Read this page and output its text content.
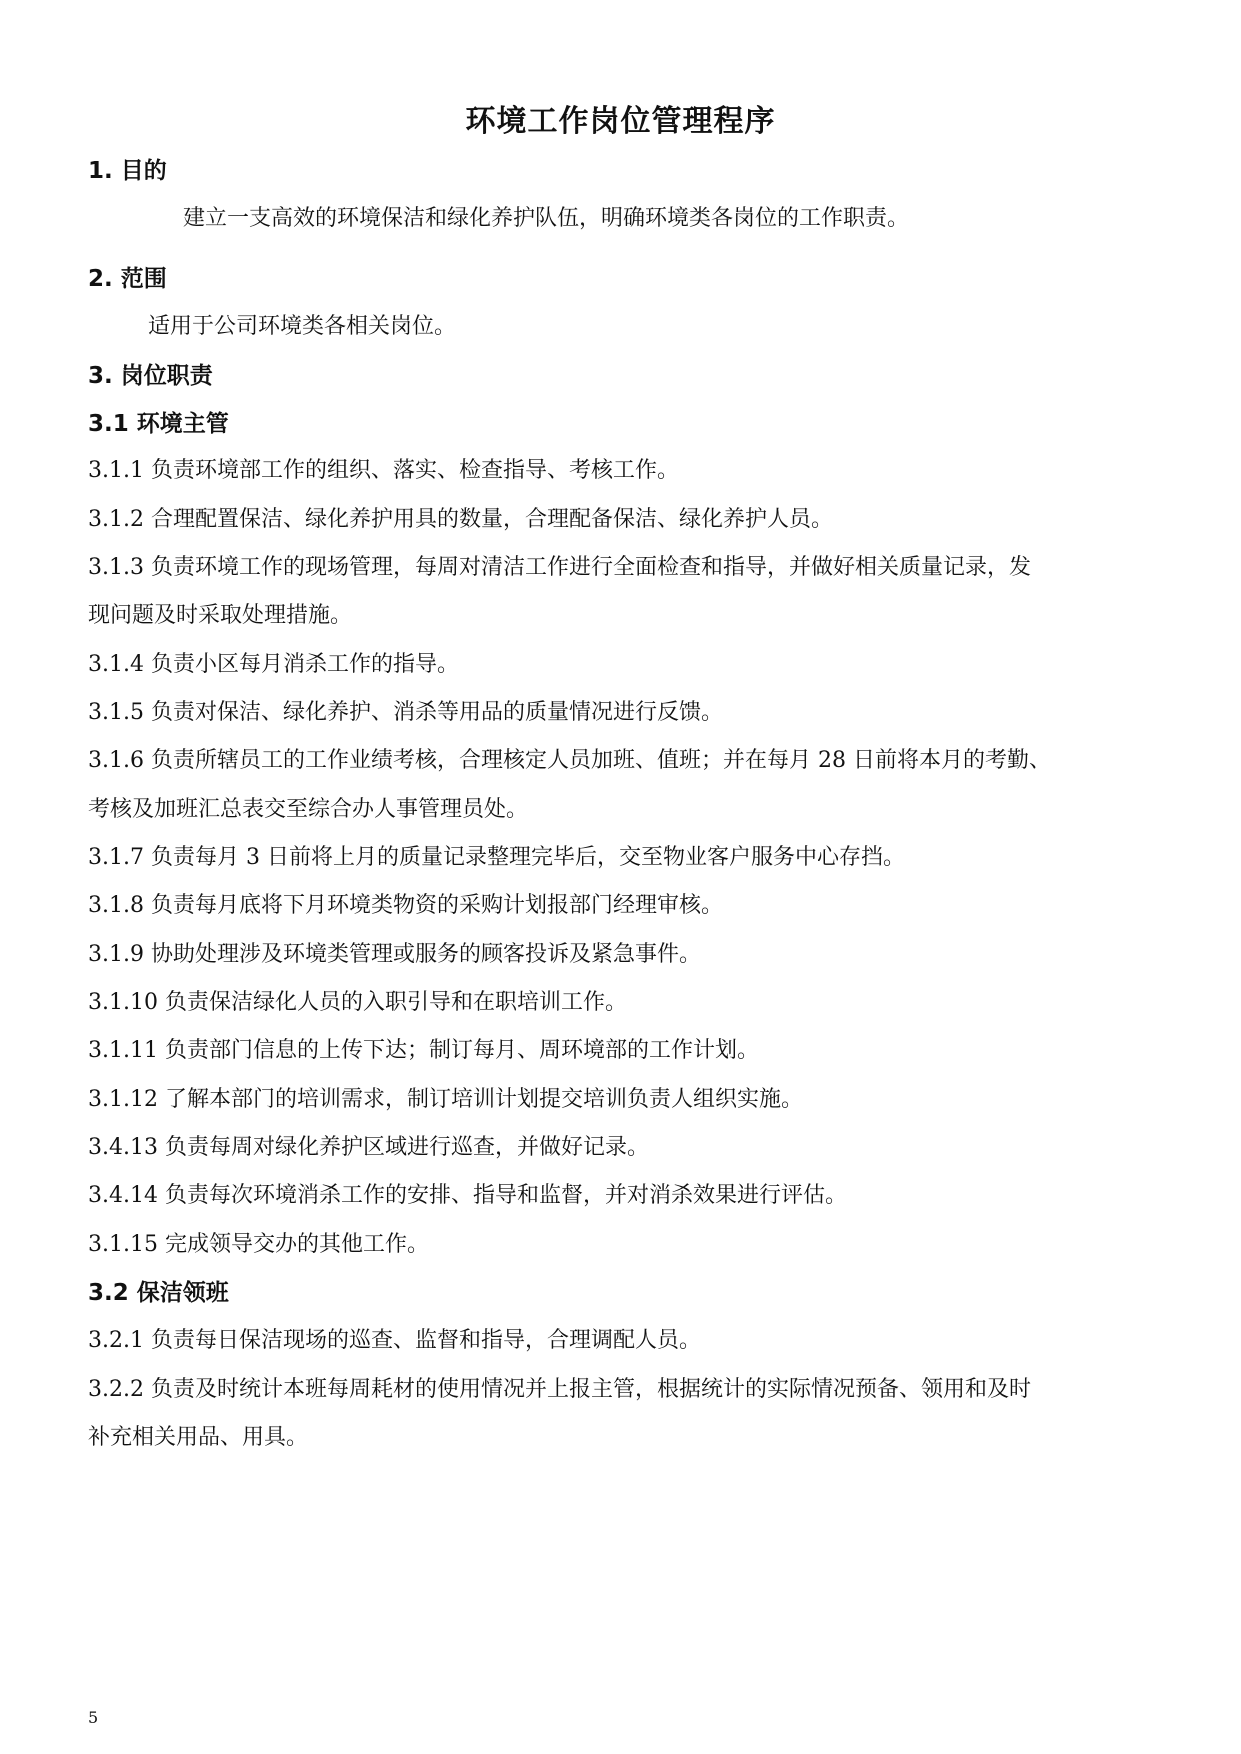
环境工作岗位管理程序
1. 目的
建立一支高效的环境保洁和绿化养护队伍，明确环境类各岗位的工作职责。
2. 范围
适用于公司环境类各相关岗位。
3. 岗位职责
3.1 环境主管
3.1.1 负责环境部工作的组织、落实、检查指导、考核工作。
3.1.2 合理配置保洁、绿化养护用具的数量，合理配备保洁、绿化养护人员。
3.1.3 负责环境工作的现场管理，每周对清洁工作进行全面检查和指导，并做好相关质量记录，发
现问题及时采取处理措施。
3.1.4 负责小区每月消杀工作的指导。
3.1.5 负责对保洁、绿化养护、消杀等用品的质量情况进行反馈。
3.1.6 负责所辖员工的工作业绩考核，合理核定人员加班、值班；并在每月 28 日前将本月的考勤、
考核及加班汇总表交至综合办人事管理员处。
3.1.7 负责每月 3 日前将上月的质量记录整理完毕后，交至物业客户服务中心存挡。
3.1.8 负责每月底将下月环境类物资的采购计划报部门经理审核。
3.1.9 协助处理涉及环境类管理或服务的顾客投诉及紧急事件。
3.1.10 负责保洁绿化人员的入职引导和在职培训工作。
3.1.11 负责部门信息的上传下达；制订每月、周环境部的工作计划。
3.1.12 了解本部门的培训需求，制订培训计划提交培训负责人组织实施。
3.4.13 负责每周对绿化养护区域进行巡查，并做好记录。
3.4.14 负责每次环境消杀工作的安排、指导和监督，并对消杀效果进行评估。
3.1.15 完成领导交办的其他工作。
3.2 保洁领班
3.2.1 负责每日保洁现场的巡查、监督和指导，合理调配人员。
3.2.2 负责及时统计本班每周耗材的使用情况并上报主管，根据统计的实际情况预备、领用和及时
补充相关用品、用具。
5
